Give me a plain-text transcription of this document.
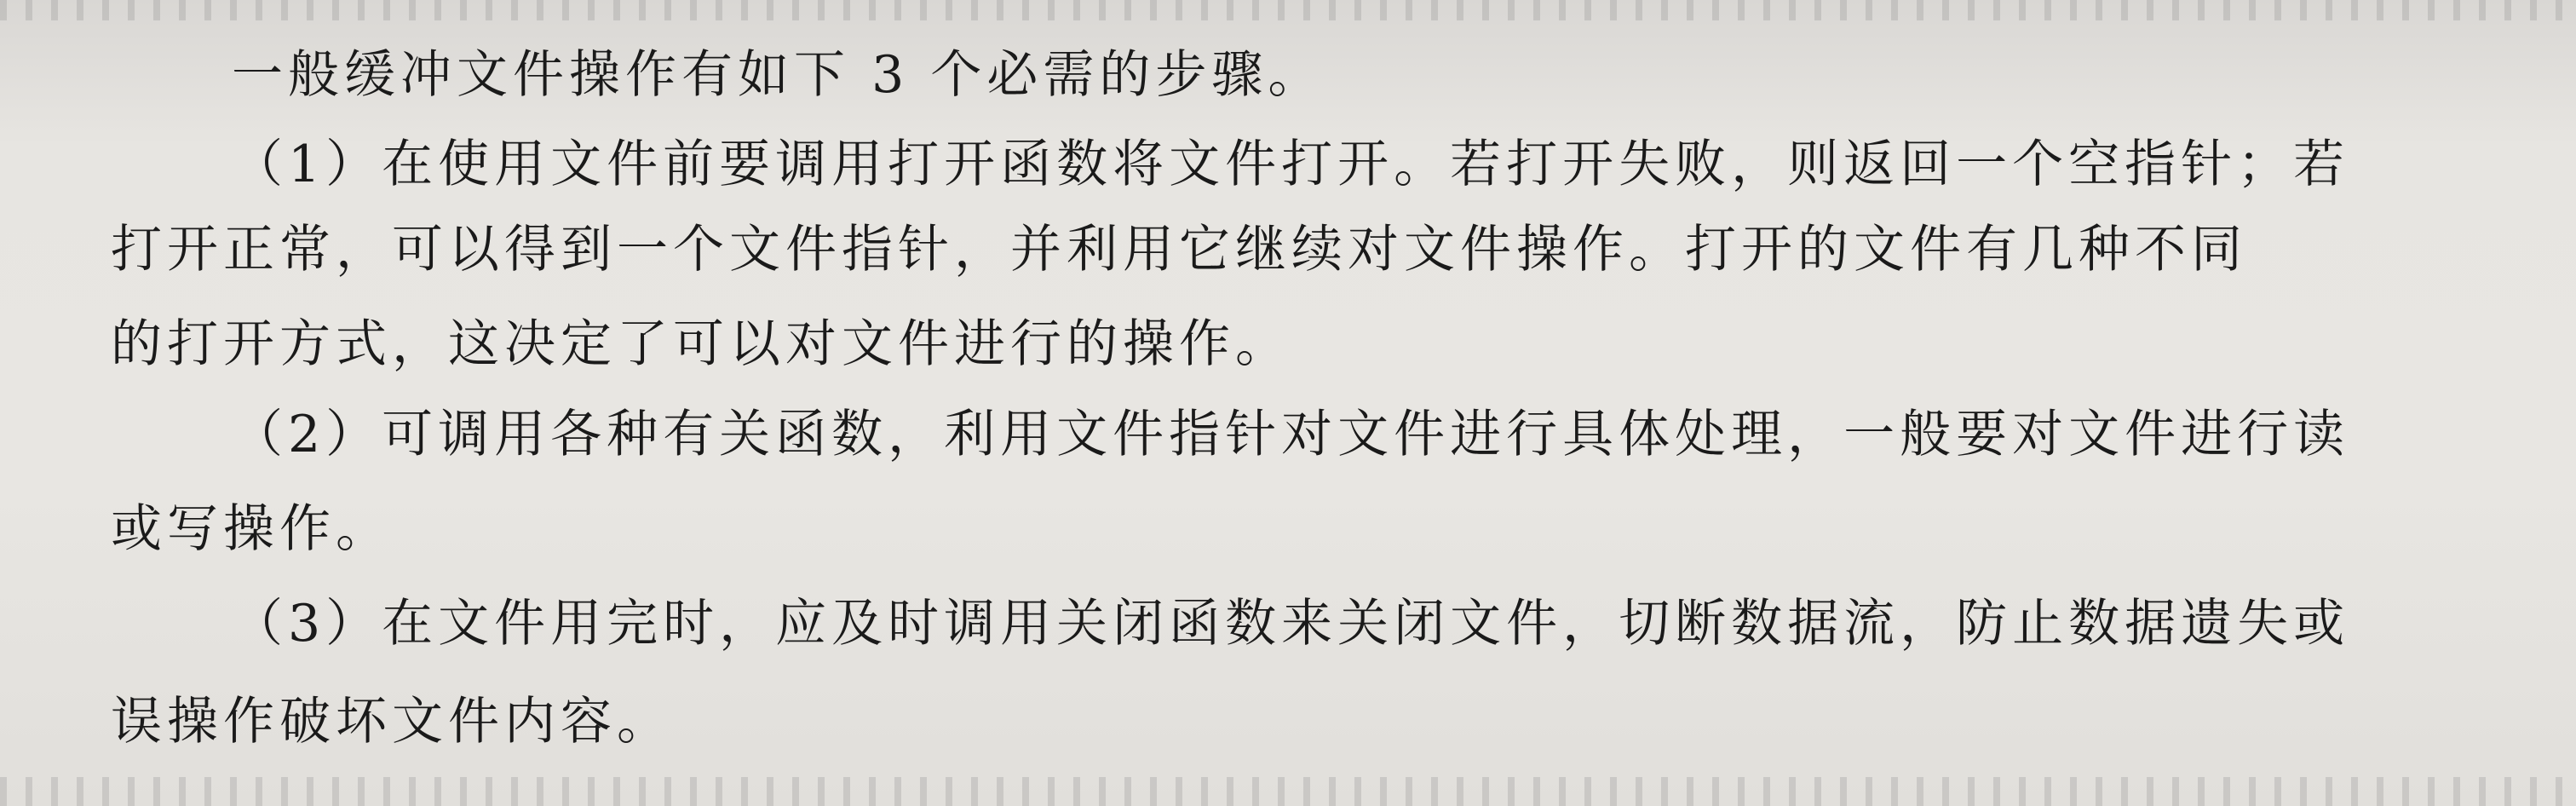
一般缓冲文件操作有如下 3 个必需的步骤。
（1）在使用文件前要调用打开函数将文件打开。若打开失败，则返回一个空指针；若
打开正常，可以得到一个文件指针，并利用它继续对文件操作。打开的文件有几种不同
的打开方式，这决定了可以对文件进行的操作。
（2）可调用各种有关函数，利用文件指针对文件进行具体处理，一般要对文件进行读
或写操作。
（3）在文件用完时，应及时调用关闭函数来关闭文件，切断数据流，防止数据遗失或
误操作破坏文件内容。
